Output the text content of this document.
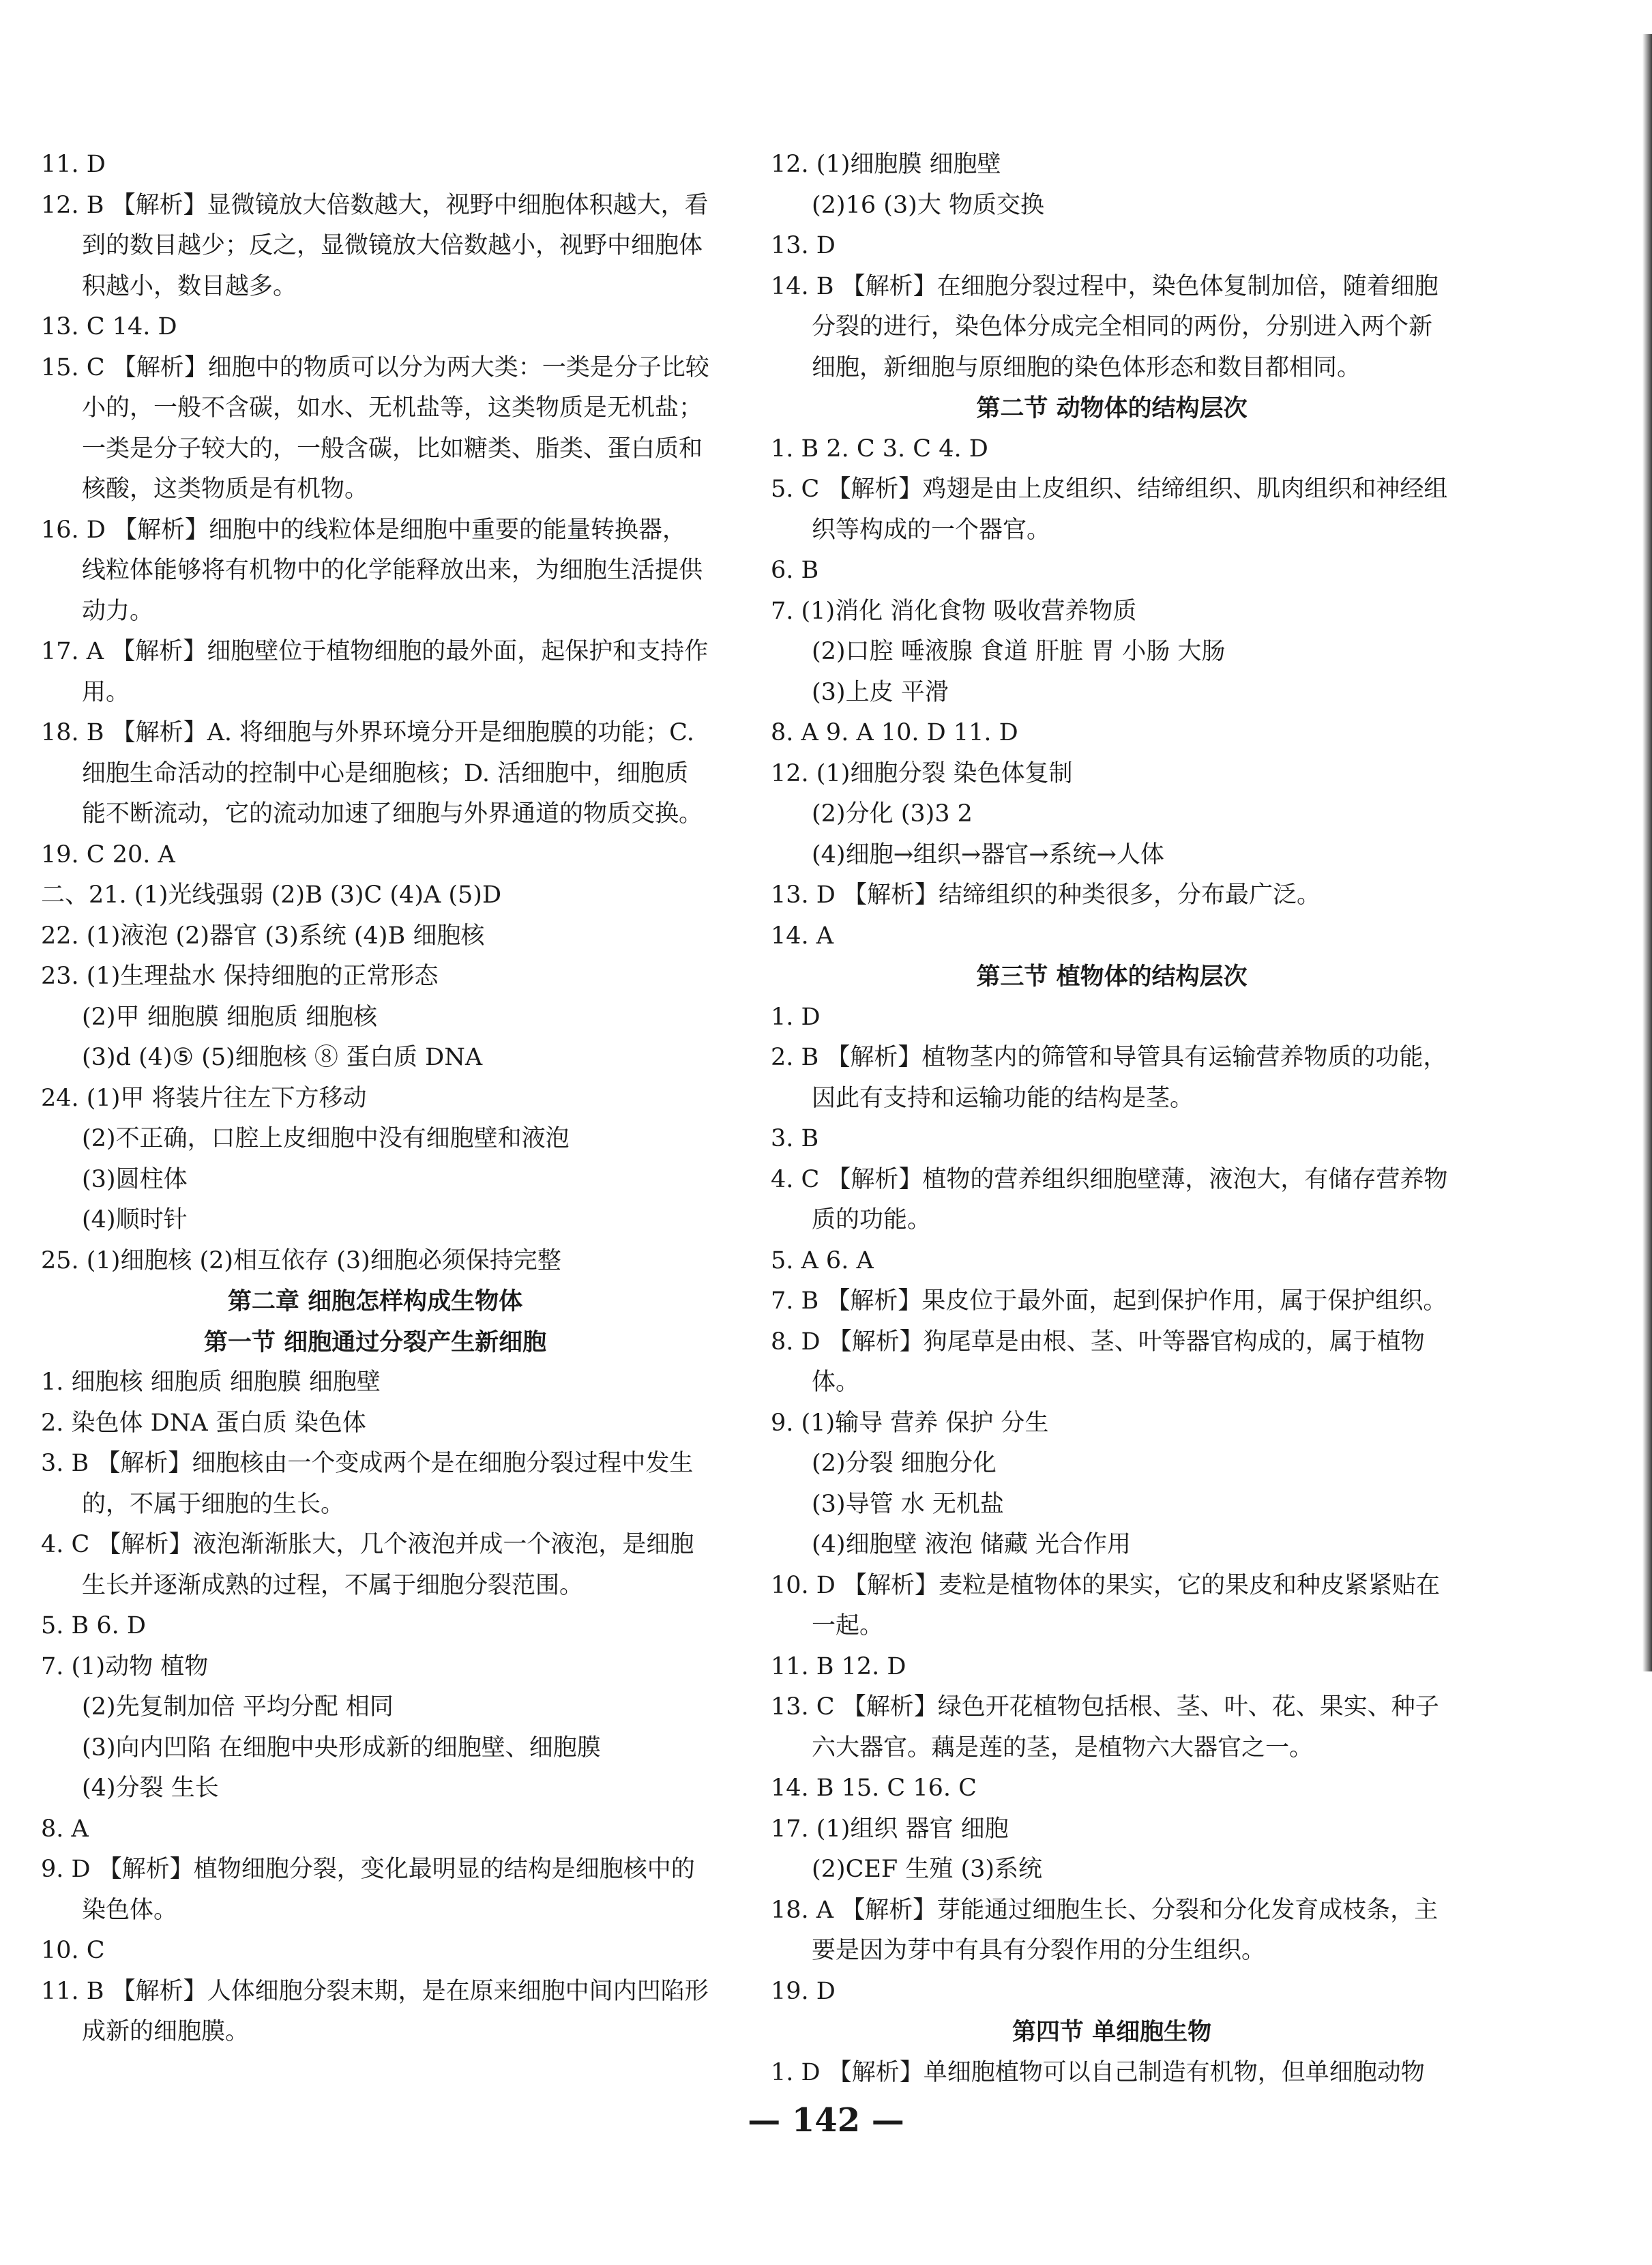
11. D
12. B 【解析】显微镜放大倍数越大，视野中细胞体积越大，看到的数目越少；反之，显微镜放大倍数越小，视野中细胞体积越小，数目越多。
13. C 14. D
15. C 【解析】细胞中的物质可以分为两大类：一类是分子比较小的，一般不含碳，如水、无机盐等，这类物质是无机盐；一类是分子较大的，一般含碳，比如糖类、脂类、蛋白质和核酸，这类物质是有机物。
16. D 【解析】细胞中的线粒体是细胞中重要的能量转换器，线粒体能够将有机物中的化学能释放出来，为细胞生活提供动力。
17. A 【解析】细胞壁位于植物细胞的最外面，起保护和支持作用。
18. B 【解析】A. 将细胞与外界环境分开是细胞膜的功能；C. 细胞生命活动的控制中心是细胞核；D. 活细胞中，细胞质能不断流动，它的流动加速了细胞与外界通道的物质交换。
19. C 20. A
二、21. (1)光线强弱 (2)B (3)C (4)A (5)D
22. (1)液泡 (2)器官 (3)系统 (4)B 细胞核
23. (1)生理盐水 保持细胞的正常形态
(2)甲 细胞膜 细胞质 细胞核
(3)d (4)⑤ (5)细胞核 ⑧ 蛋白质 DNA
24. (1)甲 将装片往左下方移动
(2)不正确，口腔上皮细胞中没有细胞壁和液泡
(3)圆柱体
(4)顺时针
25. (1)细胞核 (2)相互依存 (3)细胞必须保持完整
第二章 细胞怎样构成生物体
第一节 细胞通过分裂产生新细胞
1. 细胞核 细胞质 细胞膜 细胞壁
2. 染色体 DNA 蛋白质 染色体
3. B 【解析】细胞核由一个变成两个是在细胞分裂过程中发生的，不属于细胞的生长。
4. C 【解析】液泡渐渐胀大，几个液泡并成一个液泡，是细胞生长并逐渐成熟的过程，不属于细胞分裂范围。
5. B 6. D
7. (1)动物 植物
(2)先复制加倍 平均分配 相同
(3)向内凹陷 在细胞中央形成新的细胞壁、细胞膜
(4)分裂 生长
8. A
9. D 【解析】植物细胞分裂，变化最明显的结构是细胞核中的染色体。
10. C
11. B 【解析】人体细胞分裂末期，是在原来细胞中间内凹陷形成新的细胞膜。
12. (1)细胞膜 细胞壁
(2)16 (3)大 物质交换
13. D
14. B 【解析】在细胞分裂过程中，染色体复制加倍，随着细胞分裂的进行，染色体分成完全相同的两份，分别进入两个新细胞，新细胞与原细胞的染色体形态和数目都相同。
第二节 动物体的结构层次
1. B 2. C 3. C 4. D
5. C 【解析】鸡翅是由上皮组织、结缔组织、肌肉组织和神经组织等构成的一个器官。
6. B
7. (1)消化 消化食物 吸收营养物质
(2)口腔 唾液腺 食道 肝脏 胃 小肠 大肠
(3)上皮 平滑
8. A 9. A 10. D 11. D
12. (1)细胞分裂 染色体复制
(2)分化 (3)3 2
(4)细胞→组织→器官→系统→人体
13. D 【解析】结缔组织的种类很多，分布最广泛。
14. A
第三节 植物体的结构层次
1. D
2. B 【解析】植物茎内的筛管和导管具有运输营养物质的功能，因此有支持和运输功能的结构是茎。
3. B
4. C 【解析】植物的营养组织细胞壁薄，液泡大，有储存营养物质的功能。
5. A 6. A
7. B 【解析】果皮位于最外面，起到保护作用，属于保护组织。
8. D 【解析】狗尾草是由根、茎、叶等器官构成的，属于植物体。
9. (1)输导 营养 保护 分生
(2)分裂 细胞分化
(3)导管 水 无机盐
(4)细胞壁 液泡 储藏 光合作用
10. D 【解析】麦粒是植物体的果实，它的果皮和种皮紧紧贴在一起。
11. B 12. D
13. C 【解析】绿色开花植物包括根、茎、叶、花、果实、种子六大器官。藕是莲的茎，是植物六大器官之一。
14. B 15. C 16. C
17. (1)组织 器官 细胞
(2)CEF 生殖 (3)系统
18. A 【解析】芽能通过细胞生长、分裂和分化发育成枝条，主要是因为芽中有具有分裂作用的分生组织。
19. D
第四节 单细胞生物
1. D 【解析】单细胞植物可以自己制造有机物，但单细胞动物
— 142 —
